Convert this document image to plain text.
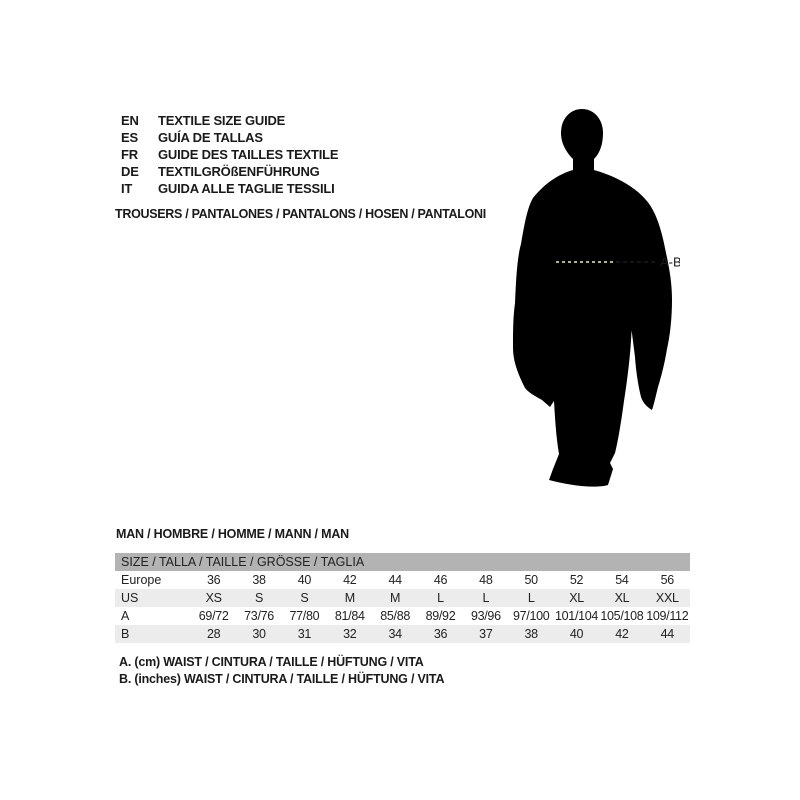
EN	TEXTILE SIZE GUIDE
ES	GUÍA DE TALLAS
FR	GUIDE DES TAILLES TEXTILE
DE	TEXTILGRÖßENFÜHRUNG
IT	GUIDA ALLE TAGLIE TESSILI
TROUSERS / PANTALONES / PANTALONS / HOSEN / PANTALONI
A-B
MAN / HOMBRE / HOMME / MANN / MAN
SIZE / TALLA / TAILLE / GRÖSSE / TAGLIA
Europe	36	38	40	42	44	46	48	50	52	54	56
US	XS	S	S	M	M	L	L	L	XL	XL	XXL
A	69/72	73/76	77/80	81/84	85/88	89/92	93/96 97/100 101/104 105/108 109/112
B	28	30	31	32	34	36	37	38	40	42	44
A. (cm) WAIST / CINTURA / TAILLE / HÜFTUNG / VITA
B. (inches) WAIST / CINTURA / TAILLE / HÜFTUNG / VITA
